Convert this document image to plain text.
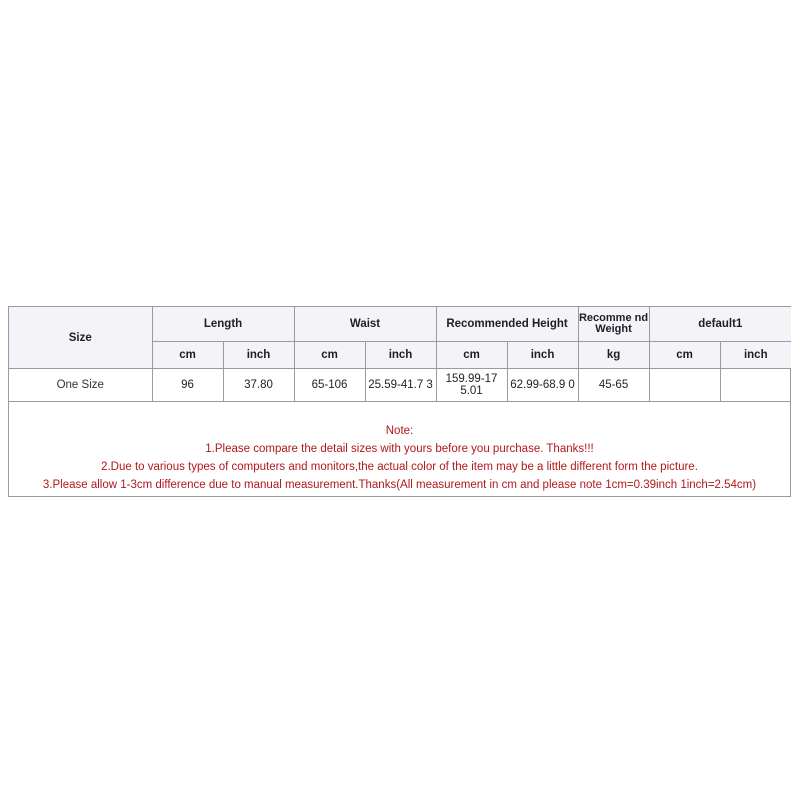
Size	Length		Waist		Recommended Height		Recomme nd Weight	default1	
	cm	inch	cm	inch	cm	inch	kg	cm	inch
One Size	96	37.80	65-106	25.59-41.7 3	159.99-17 5.01	62.99-68.9 0	45-65		
Note:
1.Please compare the detail sizes with yours before you purchase. Thanks!!!
2.Due to various types of computers and monitors,the actual color of the item may be a little different form the picture.
3.Please allow 1-3cm difference due to manual measurement.Thanks(All measurement in cm and please note 1cm=0.39inch 1inch=2.54cm)
